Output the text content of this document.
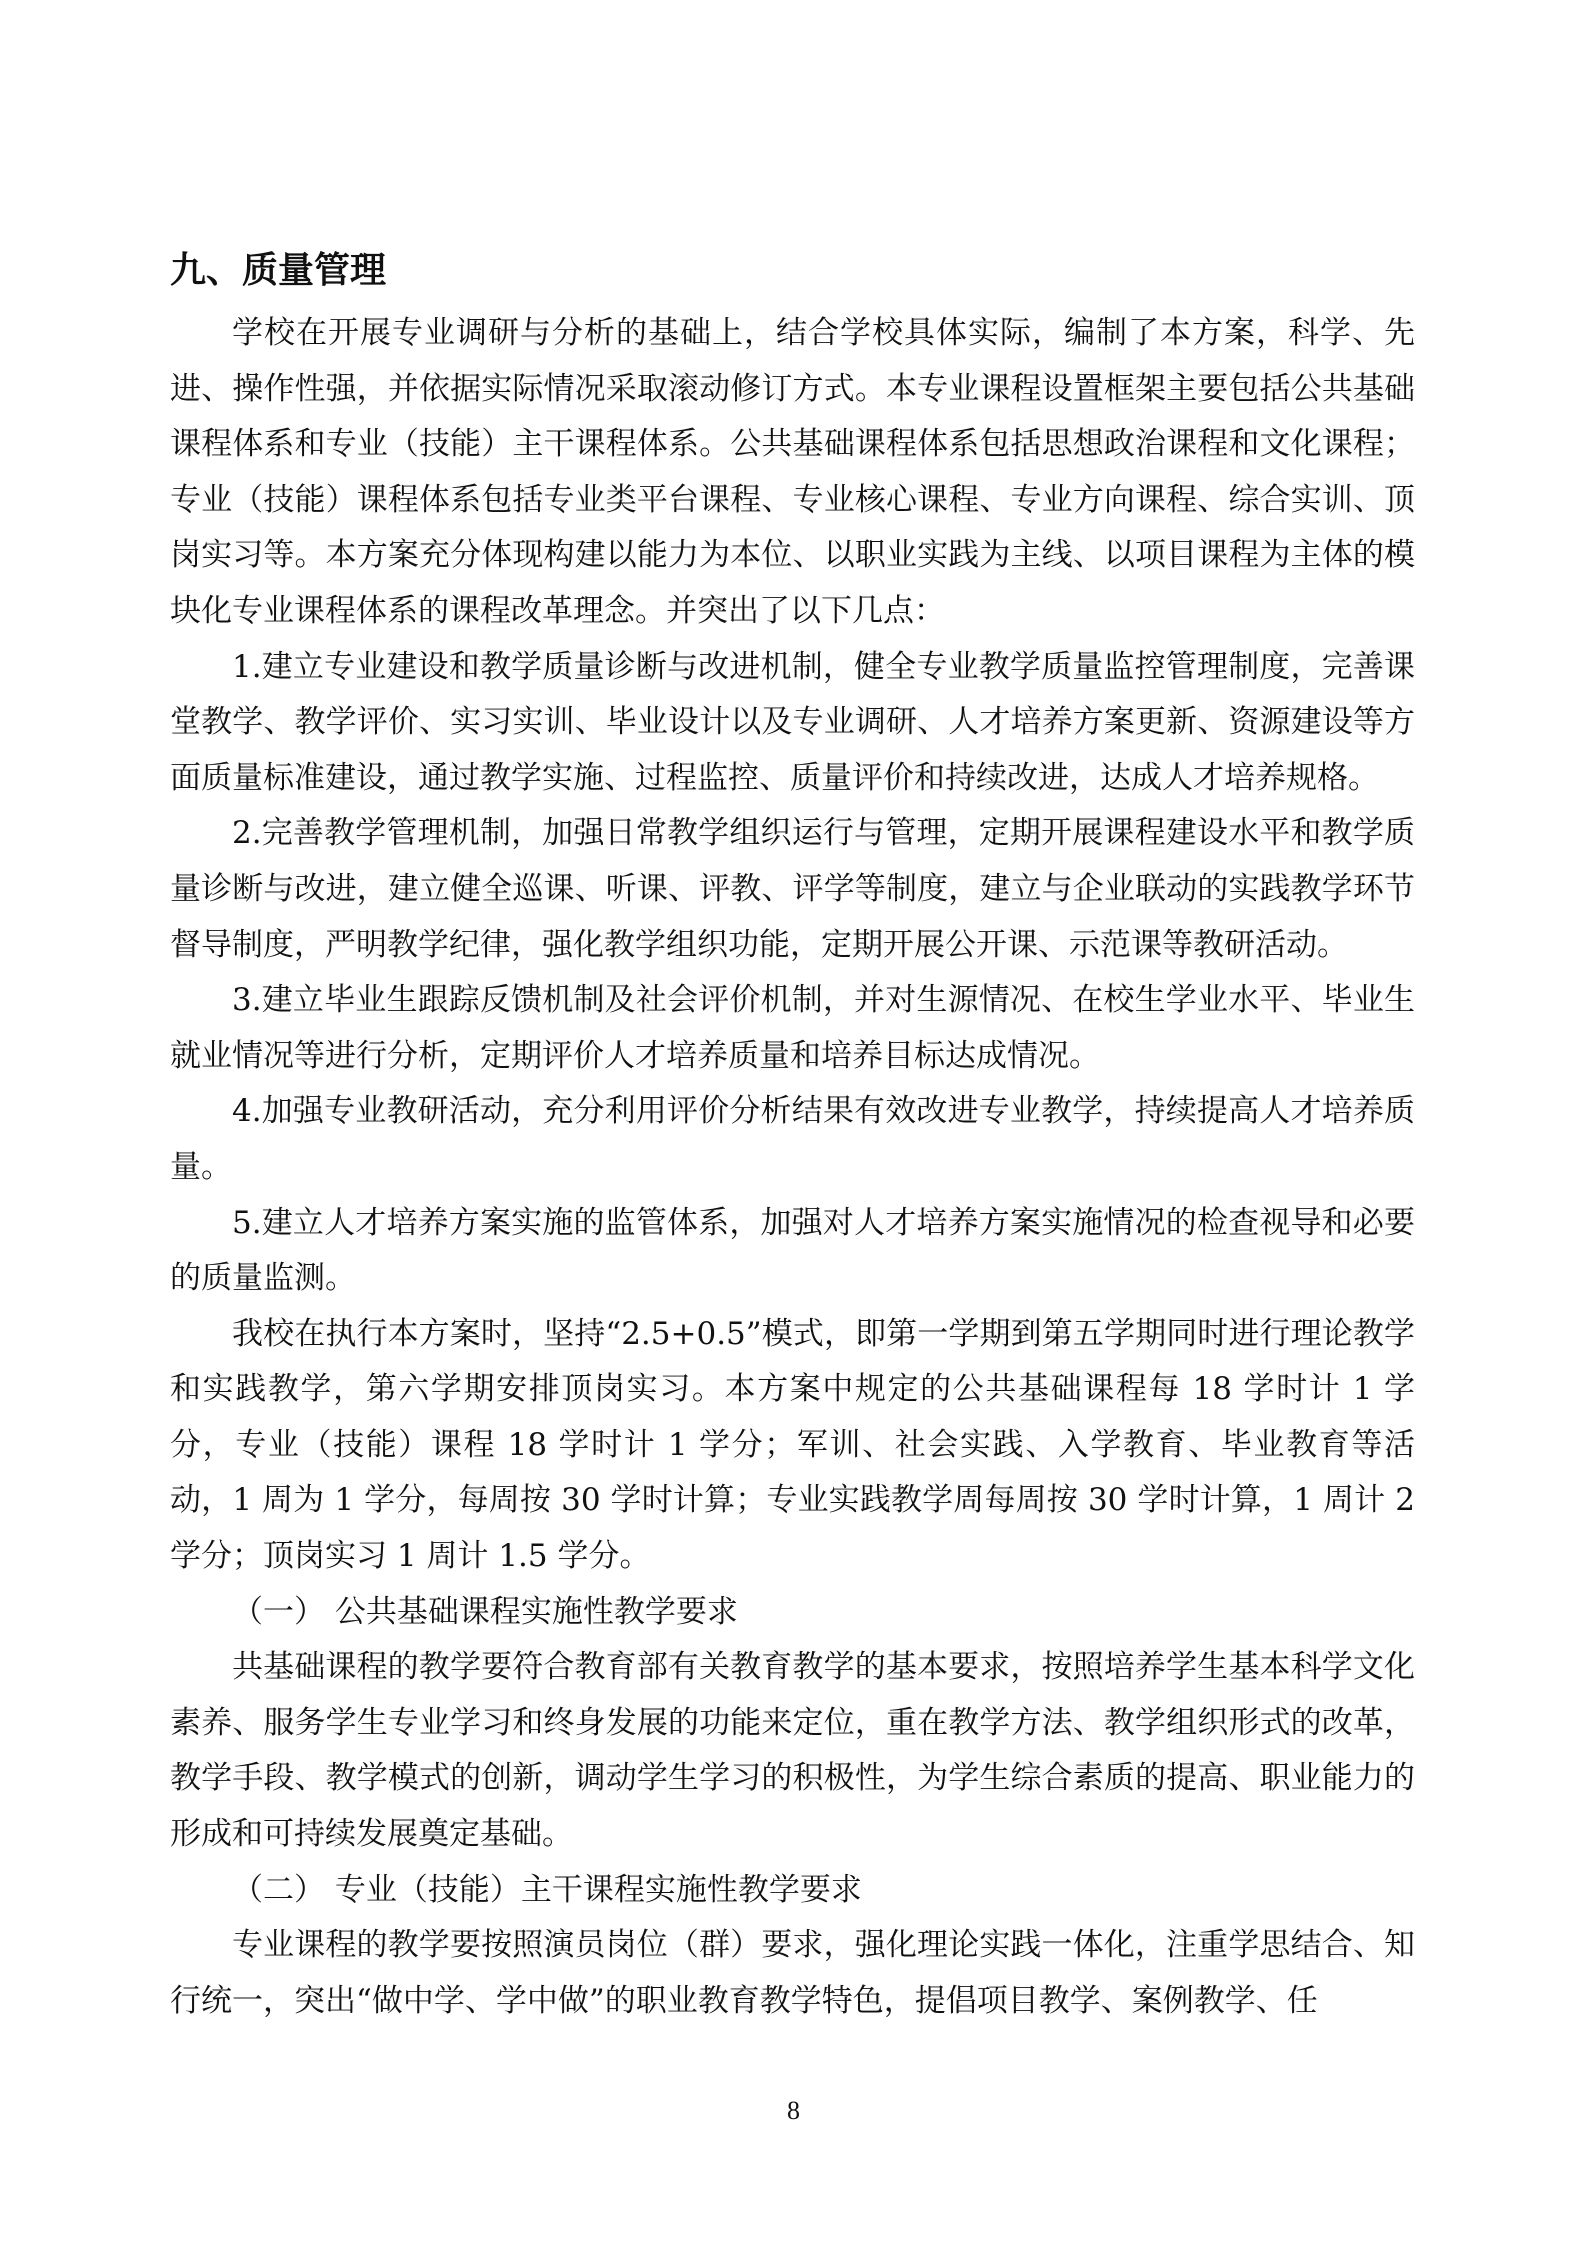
九、质量管理

学校在开展专业调研与分析的基础上，结合学校具体实际，编制了本方案，科学、先进、操作性强，并依据实际情况采取滚动修订方式。本专业课程设置框架主要包括公共基础课程体系和专业（技能）主干课程体系。公共基础课程体系包括思想政治课程和文化课程；专业（技能）课程体系包括专业类平台课程、专业核心课程、专业方向课程、综合实训、顶岗实习等。本方案充分体现构建以能力为本位、以职业实践为主线、以项目课程为主体的模块化专业课程体系的课程改革理念。并突出了以下几点：

1.建立专业建设和教学质量诊断与改进机制，健全专业教学质量监控管理制度，完善课堂教学、教学评价、实习实训、毕业设计以及专业调研、人才培养方案更新、资源建设等方面质量标准建设，通过教学实施、过程监控、质量评价和持续改进，达成人才培养规格。

2.完善教学管理机制，加强日常教学组织运行与管理，定期开展课程建设水平和教学质量诊断与改进，建立健全巡课、听课、评教、评学等制度，建立与企业联动的实践教学环节督导制度，严明教学纪律，强化教学组织功能，定期开展公开课、示范课等教研活动。

3.建立毕业生跟踪反馈机制及社会评价机制，并对生源情况、在校生学业水平、毕业生就业情况等进行分析，定期评价人才培养质量和培养目标达成情况。

4.加强专业教研活动，充分利用评价分析结果有效改进专业教学，持续提高人才培养质量。

5.建立人才培养方案实施的监管体系，加强对人才培养方案实施情况的检查视导和必要的质量监测。

我校在执行本方案时，坚持“2.5+0.5”模式，即第一学期到第五学期同时进行理论教学和实践教学，第六学期安排顶岗实习。本方案中规定的公共基础课程每 18 学时计 1 学分，专业（技能）课程 18 学时计 1 学分；军训、社会实践、入学教育、毕业教育等活动，1 周为 1 学分，每周按 30 学时计算；专业实践教学周每周按 30 学时计算，1 周计 2 学分；顶岗实习 1 周计 1.5 学分。

（一） 公共基础课程实施性教学要求

共基础课程的教学要符合教育部有关教育教学的基本要求，按照培养学生基本科学文化素养、服务学生专业学习和终身发展的功能来定位，重在教学方法、教学组织形式的改革，教学手段、教学模式的创新，调动学生学习的积极性，为学生综合素质的提高、职业能力的形成和可持续发展奠定基础。

（二） 专业（技能）主干课程实施性教学要求

专业课程的教学要按照演员岗位（群）要求，强化理论实践一体化，注重学思结合、知行统一，突出“做中学、学中做”的职业教育教学特色，提倡项目教学、案例教学、任

8
